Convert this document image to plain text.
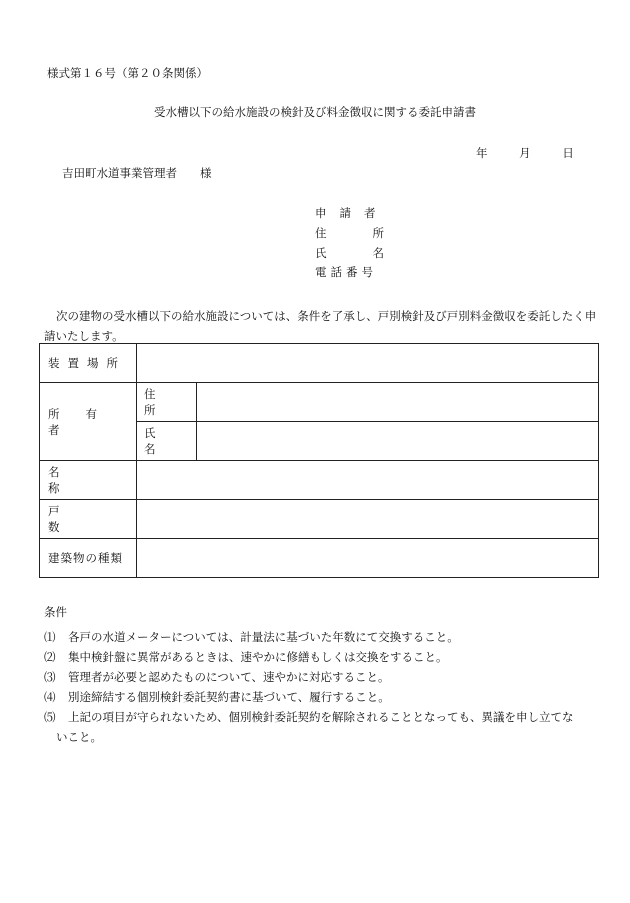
様式第１６号（第２０条関係）
受水槽以下の給水施設の検針及び料金徴収に関する委託申請書
年	月	日
吉田町水道事業管理者　　様
申請者
住所
氏名
電話番号
次の建物の受水槽以下の給水施設については、条件を了承し、戸別検針及び戸別料金徴収を委託したく申請いたします。
装置場所		

所有者	住所	

	氏名	

名称		

戸数		

建築物の種類		

条件
⑴ 各戸の水道メーターについては、計量法に基づいた年数にて交換すること。
⑵ 集中検針盤に異常があるときは、速やかに修繕もしくは交換をすること。
⑶ 管理者が必要と認めたものについて、速やかに対応すること。
⑷ 別途締結する個別検針委託契約書に基づいて、履行すること。
⑸ 上記の項目が守られないため、個別検針委託契約を解除されることとなっても、異議を申し立てな
いこと。
